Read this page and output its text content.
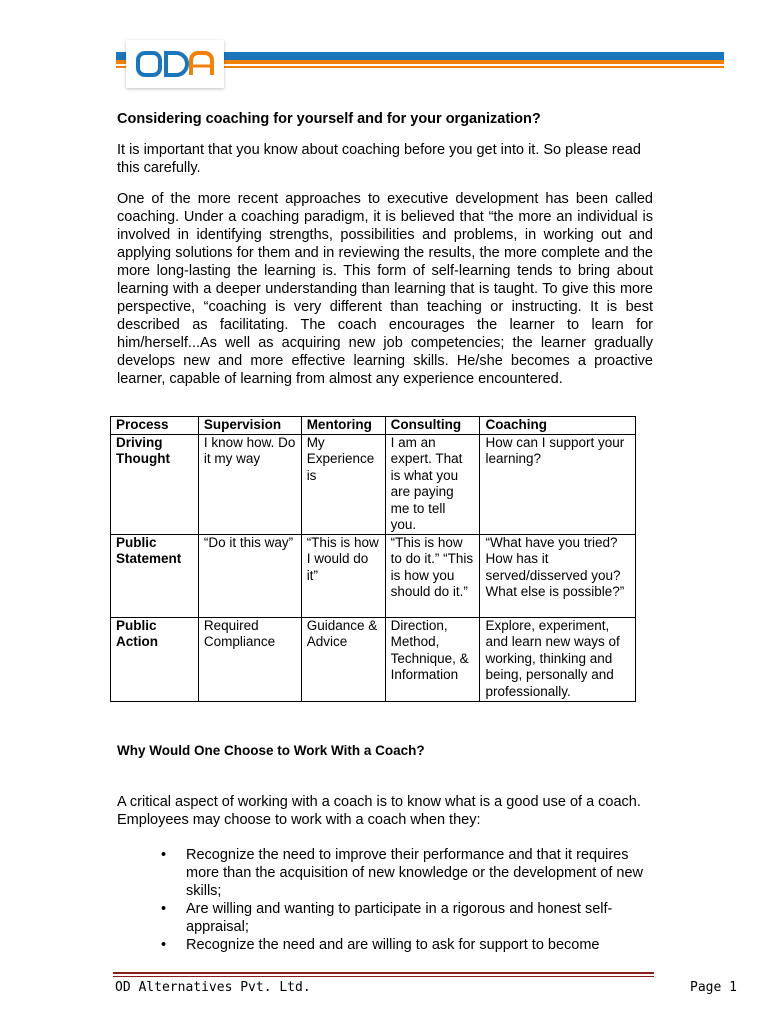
Considering coaching for yourself and for your organization?
It is important that you know about coaching before you get into it. So please read this carefully.
One of the more recent approaches to executive development has been called coaching. Under a coaching paradigm, it is believed that “the more an individual is involved in identifying strengths, possibilities and problems, in working out and applying solutions for them and in reviewing the results, the more complete and the more long-lasting the learning is. This form of self-learning tends to bring about learning with a deeper understanding than learning that is taught. To give this more perspective, “coaching is very different than teaching or instructing. It is best described as facilitating. The coach encourages the learner to learn for him/herself...As well as acquiring new job competencies; the learner gradually develops new and more effective learning skills. He/she becomes a proactive learner, capable of learning from almost any experience encountered.
Process	Supervision	Mentoring	Consulting	Coaching
Driving Thought	I know how. Do it my way	My Experience is	I am an expert. That is what you are paying me to tell you.	How can I support your learning?
Public Statement	“Do it this way”	“This is how I would do it”	“This is how to do it.” “This is how you should do it.”	“What have you tried? How has it served/disserved you? What else is possible?”
Public Action	Required Compliance	Guidance & Advice	Direction, Method, Technique, & Information	Explore, experiment, and learn new ways of working, thinking and being, personally and professionally.
Why Would One Choose to Work With a Coach?
A critical aspect of working with a coach is to know what is a good use of a coach. Employees may choose to work with a coach when they:
• Recognize the need to improve their performance and that it requires more than the acquisition of new knowledge or the development of new skills;
• Are willing and wanting to participate in a rigorous and honest self-appraisal;
• Recognize the need and are willing to ask for support to become
OD Alternatives Pvt. Ltd.	Page 1
